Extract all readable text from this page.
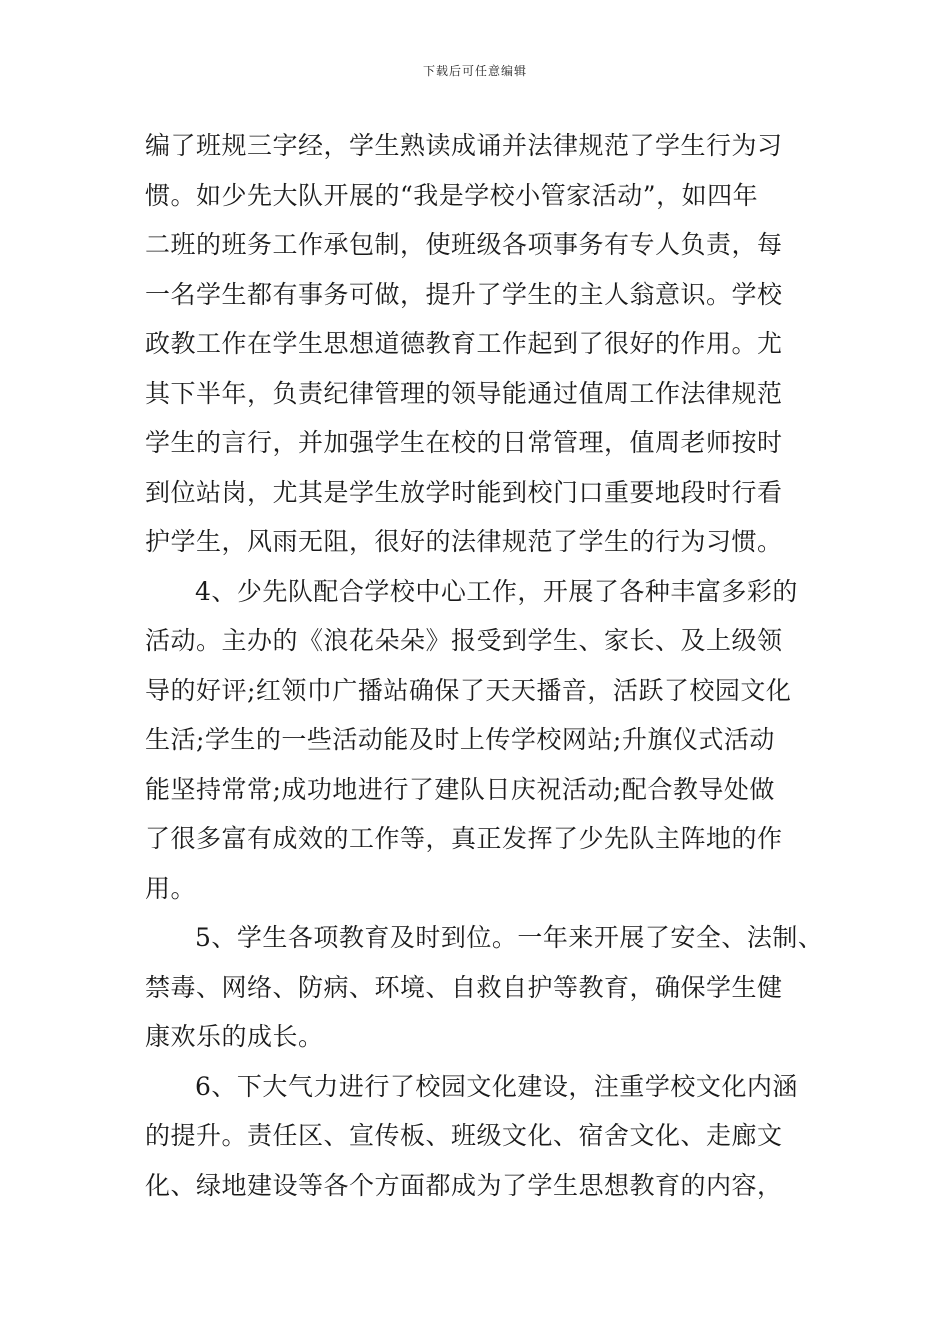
下载后可任意编辑
编了班规三字经，学生熟读成诵并法律规范了学生行为习
惯。如少先大队开展的“我是学校小管家活动”，如四年
二班的班务工作承包制，使班级各项事务有专人负责，每
一名学生都有事务可做，提升了学生的主人翁意识。学校
政教工作在学生思想道德教育工作起到了很好的作用。尤
其下半年，负责纪律管理的领导能通过值周工作法律规范
学生的言行，并加强学生在校的日常管理，值周老师按时
到位站岗，尤其是学生放学时能到校门口重要地段时行看
护学生，风雨无阻，很好的法律规范了学生的行为习惯。
4、少先队配合学校中心工作，开展了各种丰富多彩的
活动。主办的《浪花朵朵》报受到学生、家长、及上级领
导的好评;红领巾广播站确保了天天播音，活跃了校园文化
生活;学生的一些活动能及时上传学校网站;升旗仪式活动
能坚持常常;成功地进行了建队日庆祝活动;配合教导处做
了很多富有成效的工作等，真正发挥了少先队主阵地的作
用。
5、学生各项教育及时到位。一年来开展了安全、法制、
禁毒、网络、防病、环境、自救自护等教育，确保学生健
康欢乐的成长。
6、下大气力进行了校园文化建设，注重学校文化内涵
的提升。责任区、宣传板、班级文化、宿舍文化、走廊文
化、绿地建设等各个方面都成为了学生思想教育的内容，
